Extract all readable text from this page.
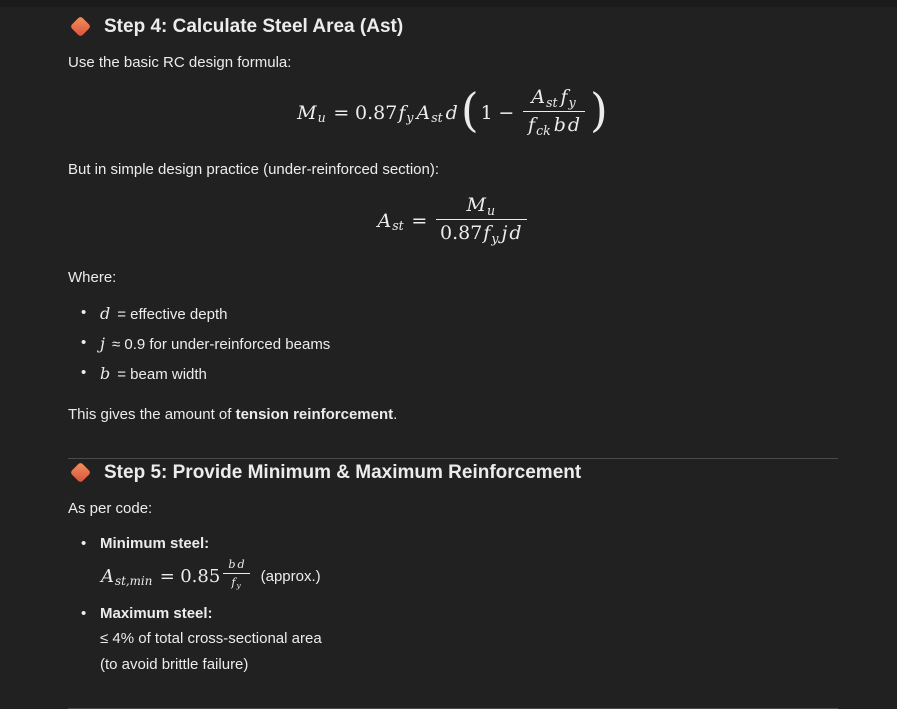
Step 4: Calculate Steel Area (Ast)

Use the basic RC design formula:

M u = 0.87 f y A st d ( $1 - \frac{\text{Ast fy}}{\text{fck b d}}$ )

But in simple design practice (under-reinforced section):

A st = $\frac{Mu}{\text{0.87fy j d}}$

Where:

• d = effective depth
• j ≈ 0.9 for under-reinforced beams
• b = beam width

This gives the amount of tension reinforcement.

Step 5: Provide Minimum & Maximum Reinforcement

As per code:

• Minimum steel:
$Ast,\min = 0.85 \frac{\text{b d}}{fy}$ (approx.)
• Maximum steel:
≤ 4% of total cross-sectional area
(to avoid brittle failure)
